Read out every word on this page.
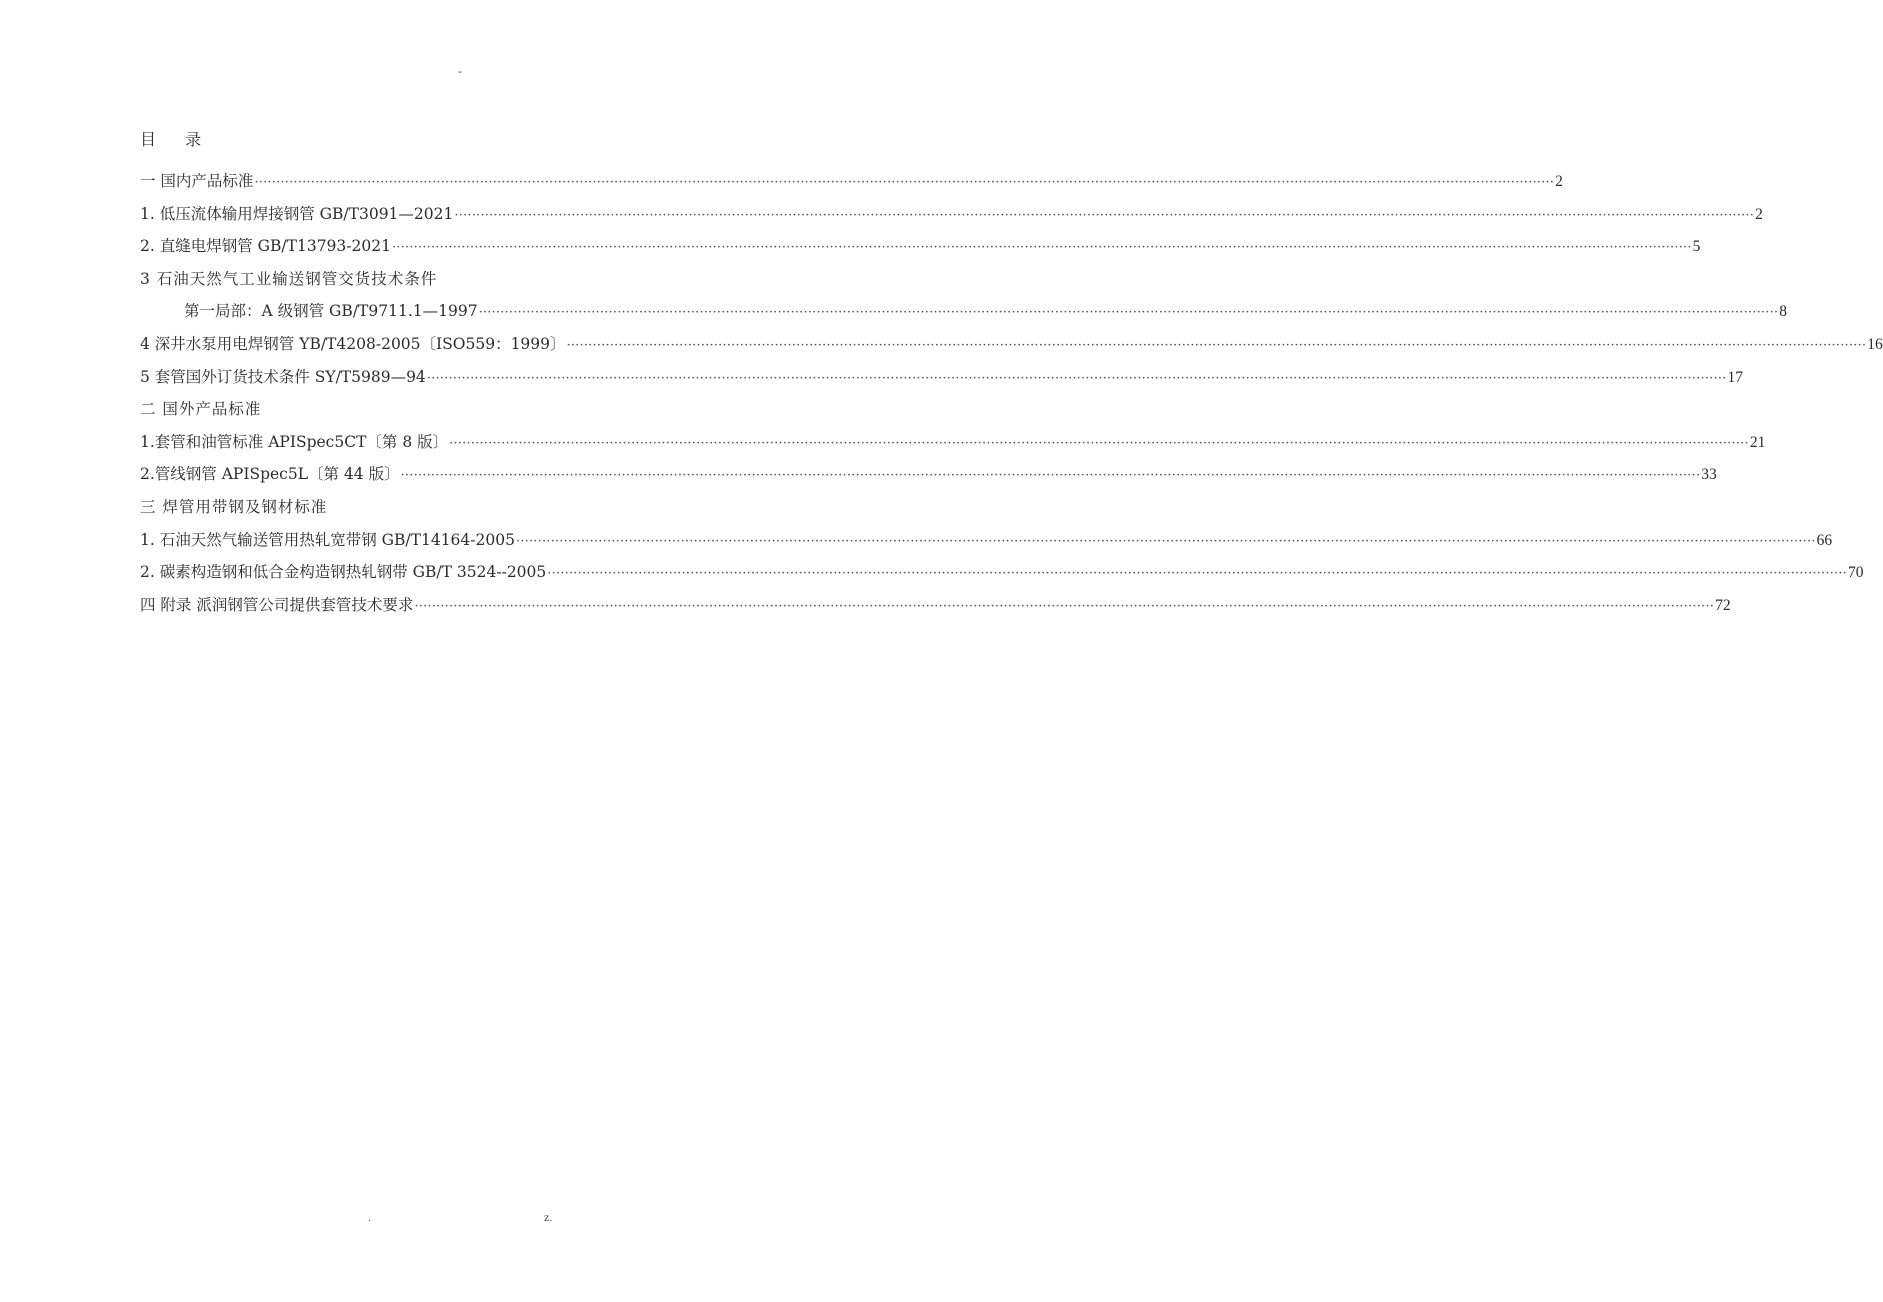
-
目 录
一 国内产品标准 ············································································································································································································································································································ 2
1. 低压流体输用焊接钢管 GB/T3091—2021 ············································································································································································································································································································ 2
2. 直缝电焊钢管 GB/T13793-2021 ············································································································································································································································································································ 5
3 石油天然气工业输送钢管交货技术条件
第一局部：A 级钢管 GB/T9711.1—1997 ············································································································································································································································································································ 8
4 深井水泵用电焊钢管 YB/T4208-2005〔ISO559：1999〕 ············································································································································································································································································································ 16
5 套管国外订货技术条件 SY/T5989—94 ············································································································································································································································································································ 17
二 国外产品标准
1.套管和油管标准 APISpec5CT〔第 8 版〕 ············································································································································································································································································································ 21
2.管线钢管 APISpec5L〔第 44 版〕 ············································································································································································································································································································ 33
三 焊管用带钢及钢材标准
1. 石油天然气输送管用热轧宽带钢 GB/T14164-2005 ············································································································································································································································································································ 66
2. 碳素构造钢和低合金构造钢热轧钢带 GB/T 3524--2005 ············································································································································································································································································································ 70
四 附录 派润钢管公司提供套管技术要求 ············································································································································································································································································································ 72
.	z.
